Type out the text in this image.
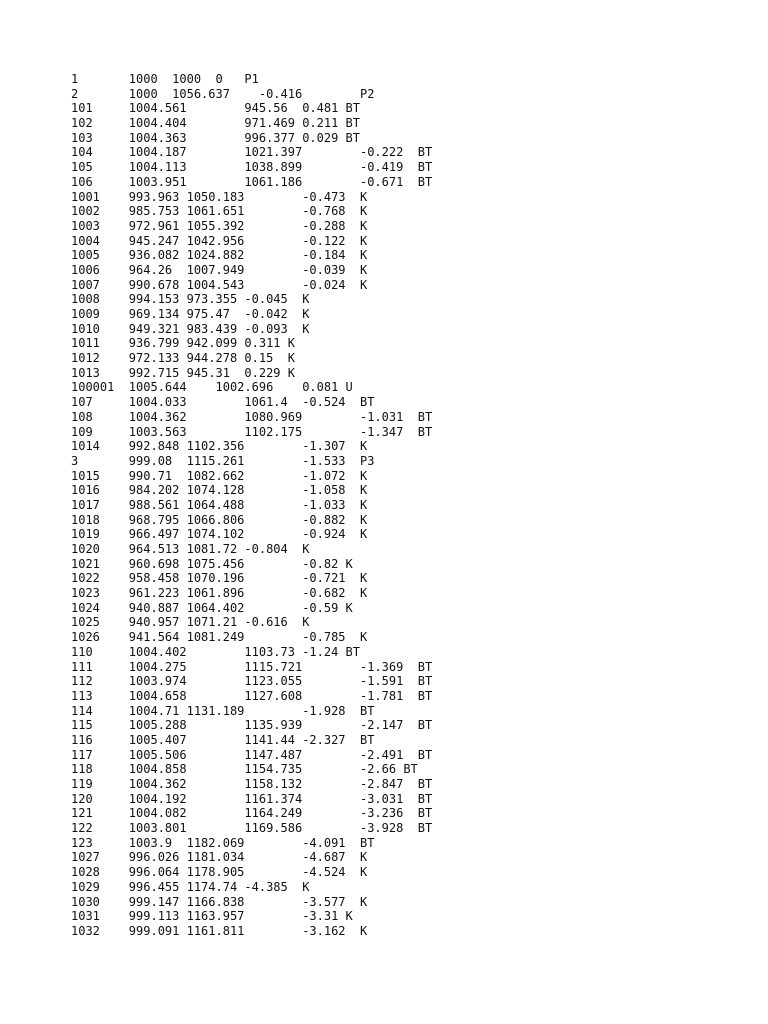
1	1000  1000  0	P1
2	1000  1056.637    -0.416	P2
101	1004.561	945.56	0.481 BT
102	1004.404	971.469	0.211 BT
103	1004.363	996.377	0.029 BT
104	1004.187	1021.397	-0.222	BT
105	1004.113	1038.899	-0.419	BT
106	1003.951	1061.186	-0.671	BT
1001	993.963	1050.183	-0.473	K
1002	985.753	1061.651	-0.768	K
1003	972.961	1055.392	-0.288	K
1004	945.247	1042.956	-0.122	K
1005	936.082	1024.882	-0.184	K
1006	964.26	1007.949	-0.039	K
1007	990.678	1004.543	-0.024	K
1008	994.153	973.355	-0.045	K
1009	969.134	975.47	-0.042	K
1010	949.321	983.439	-0.093	K
1011	936.799	942.099	0.311 K
1012	972.133	944.278	0.15  K
1013	992.715	945.31	0.229 K
100001	1005.644    1002.696    0.081 U
107	1004.033	1061.4	-0.524	BT
108	1004.362	1080.969	-1.031	BT
109	1003.563	1102.175	-1.347	BT
1014	992.848	1102.356	-1.307	K
3	999.08	1115.261	-1.533	P3
1015	990.71	1082.662	-1.072	K
1016	984.202	1074.128	-1.058	K
1017	988.561	1064.488	-1.033	K
1018	968.795	1066.806	-0.882	K
1019	966.497	1074.102	-0.924	K
1020	964.513	1081.72	-0.804	K
1021	960.698	1075.456	-0.82 K
1022	958.458	1070.196	-0.721	K
1023	961.223	1061.896	-0.682	K
1024	940.887	1064.402	-0.59 K
1025	940.957	1071.21	-0.616	K
1026	941.564	1081.249	-0.785	K
110	1004.402	1103.73	-1.24 BT
111	1004.275	1115.721	-1.369	BT
112	1003.974	1123.055	-1.591	BT
113	1004.658	1127.608	-1.781	BT
114	1004.71	1131.189	-1.928	BT
115	1005.288	1135.939	-2.147	BT
116	1005.407	1141.44	-2.327	BT
117	1005.506	1147.487	-2.491	BT
118	1004.858	1154.735	-2.66 BT
119	1004.362	1158.132	-2.847	BT
120	1004.192	1161.374	-3.031	BT
121	1004.082	1164.249	-3.236	BT
122	1003.801	1169.586	-3.928	BT
123	1003.9	1182.069	-4.091	BT
1027	996.026	1181.034	-4.687	K
1028	996.064	1178.905	-4.524	K
1029	996.455	1174.74	-4.385	K
1030	999.147	1166.838	-3.577	K
1031	999.113	1163.957	-3.31 K
1032	999.091	1161.811	-3.162	K
